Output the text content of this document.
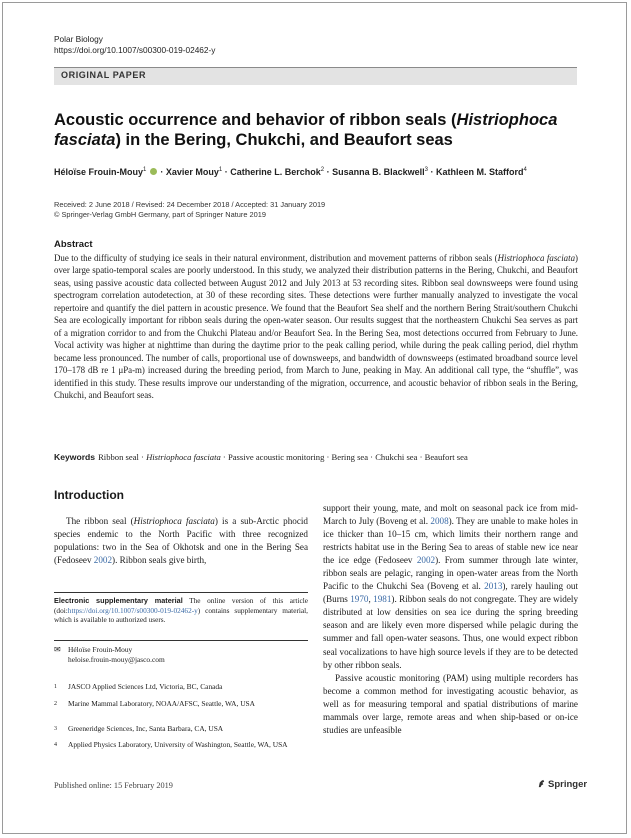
Polar Biology
https://doi.org/10.1007/s00300-019-02462-y
ORIGINAL PAPER
Acoustic occurrence and behavior of ribbon seals (Histriophoca
fasciata) in the Bering, Chukchi, and Beaufort seas
Héloïse Frouin‑Mouy$^1$  · Xavier Mouy$^1$ · Catherine L. Berchok$^2$ · Susanna B. Blackwell$^3$ · Kathleen M. Stafford$^4$
Received: 2 June 2018 / Revised: 24 December 2018 / Accepted: 31 January 2019
© Springer-Verlag GmbH Germany, part of Springer Nature 2019
Abstract
Due to the difficulty of studying ice seals in their natural environment, distribution and movement patterns of ribbon seals (Histriophoca fasciata) over large spatio-temporal scales are poorly understood. In this study, we analyzed their distribution patterns in the Bering, Chukchi, and Beaufort seas, using passive acoustic data collected between August 2012 and July 2013 at 53 recording sites. Ribbon seal downsweeps were found using spectrogram correlation autodetection, at 30 of these recording sites. These detections were further manually analyzed to investigate the vocal repertoire and quantify the diel pattern in acoustic presence. We found that the Beaufort Sea shelf and the northern Bering Strait/southern Chukchi Sea are ecologically important for ribbon seals during the open-water season. Our results suggest that the northeastern Chukchi Sea serves as part of a migration corridor to and from the Chukchi Plateau and/or Beaufort Sea. In the Bering Sea, most detections occurred from February to June. Vocal activity was higher at nighttime than during the daytime prior to the peak calling period, while during the peak calling period, diel rhythm became less pronounced. The number of calls, proportional use of downsweeps, and bandwidth of downsweeps (estimated broadband source level 170–178 dB re 1 μPa-m) increased during the breeding period, from March to June, peaking in May. An additional call type, the “shuffle”, was identified in this study. These results improve our understanding of the migration, occurrence, and acoustic behavior of ribbon seals in the Bering, Chukchi, and Beaufort seas.
Keywords Ribbon seal · Histriophoca fasciata · Passive acoustic monitoring · Bering sea · Chukchi sea · Beaufort sea
Introduction

The ribbon seal (Histriophoca fasciata) is a sub-Arctic phocid species endemic to the North Pacific with three recognized populations: two in the Sea of Okhotsk and one in the Bering Sea (Fedoseev 2002). Ribbon seals give birth,

Electronic supplementary material The online version of this article (doi:https://doi.org/10.1007/s00300-019-02462-y) contains supplementary material, which is available to authorized users.
✉ Héloïse Frouin-Mouy
heloise.frouin-mouy@jasco.com
1 JASCO Applied Sciences Ltd, Victoria, BC, Canada
2 Marine Mammal Laboratory, NOAA/AFSC, Seattle, WA, USA
3 Greeneridge Sciences, Inc, Santa Barbara, CA, USA
4 Applied Physics Laboratory, University of Washington, Seattle, WA, USA

support their young, mate, and molt on seasonal pack ice from mid-March to July (Boveng et al. 2008). They are unable to make holes in ice thicker than 10–15 cm, which limits their northern range and restricts habitat use in the Bering Sea to areas of stable new ice near the ice edge (Fedoseev 2002). From summer through late winter, ribbon seals are pelagic, ranging in open-water areas from the North Pacific to the Chukchi Sea (Boveng et al. 2013), rarely hauling out (Burns 1970, 1981). Ribbon seals do not congregate. They are widely distributed at low densities on sea ice during the spring breeding season and are likely even more dispersed while pelagic during the summer and fall open-water seasons. Thus, one would expect ribbon seal vocalizations to have high source levels if they are to be detected by other ribbon seals.

Passive acoustic monitoring (PAM) using multiple recorders has become a common method for investigating acoustic behavior, as well as for measuring temporal and spatial distributions of marine mammals over large, remote areas and when ship-based or on-ice studies are unfeasible

Published online: 15 February 2019	Springer
